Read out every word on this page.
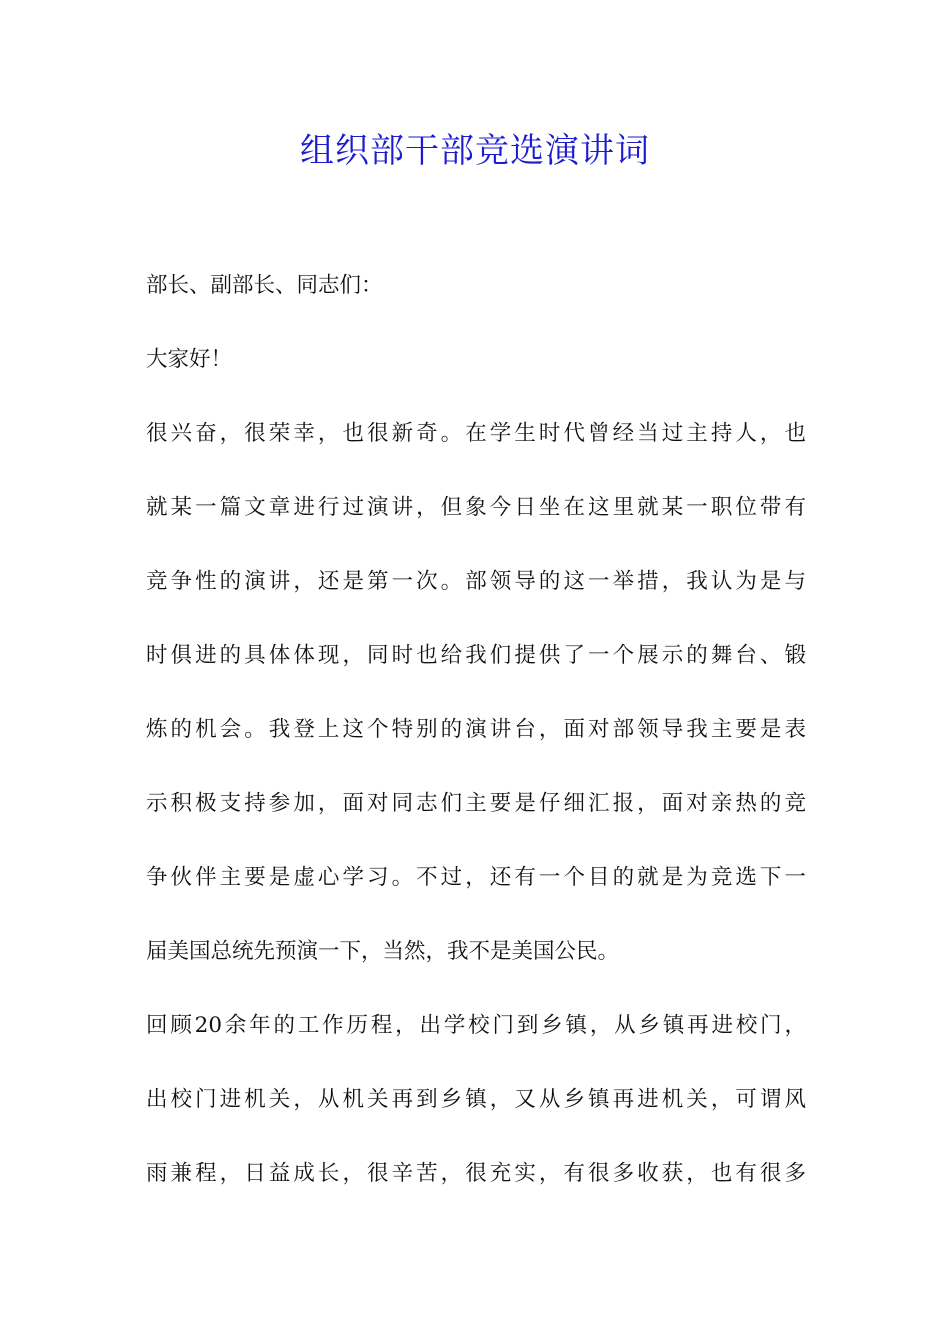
组织部干部竞选演讲词
部长、副部长、同志们：
大家好！
很兴奋，很荣幸，也很新奇。在学生时代曾经当过主持人，也
就某一篇文章进行过演讲，但象今日坐在这里就某一职位带有
竞争性的演讲，还是第一次。部领导的这一举措，我认为是与
时俱进的具体体现，同时也给我们提供了一个展示的舞台、锻
炼的机会。我登上这个特别的演讲台，面对部领导我主要是表
示积极支持参加，面对同志们主要是仔细汇报，面对亲热的竞
争伙伴主要是虚心学习。不过，还有一个目的就是为竞选下一
届美国总统先预演一下，当然，我不是美国公民。
回顾20余年的工作历程，出学校门到乡镇，从乡镇再进校门，
出校门进机关，从机关再到乡镇，又从乡镇再进机关，可谓风
雨兼程，日益成长，很辛苦，很充实，有很多收获，也有很多
